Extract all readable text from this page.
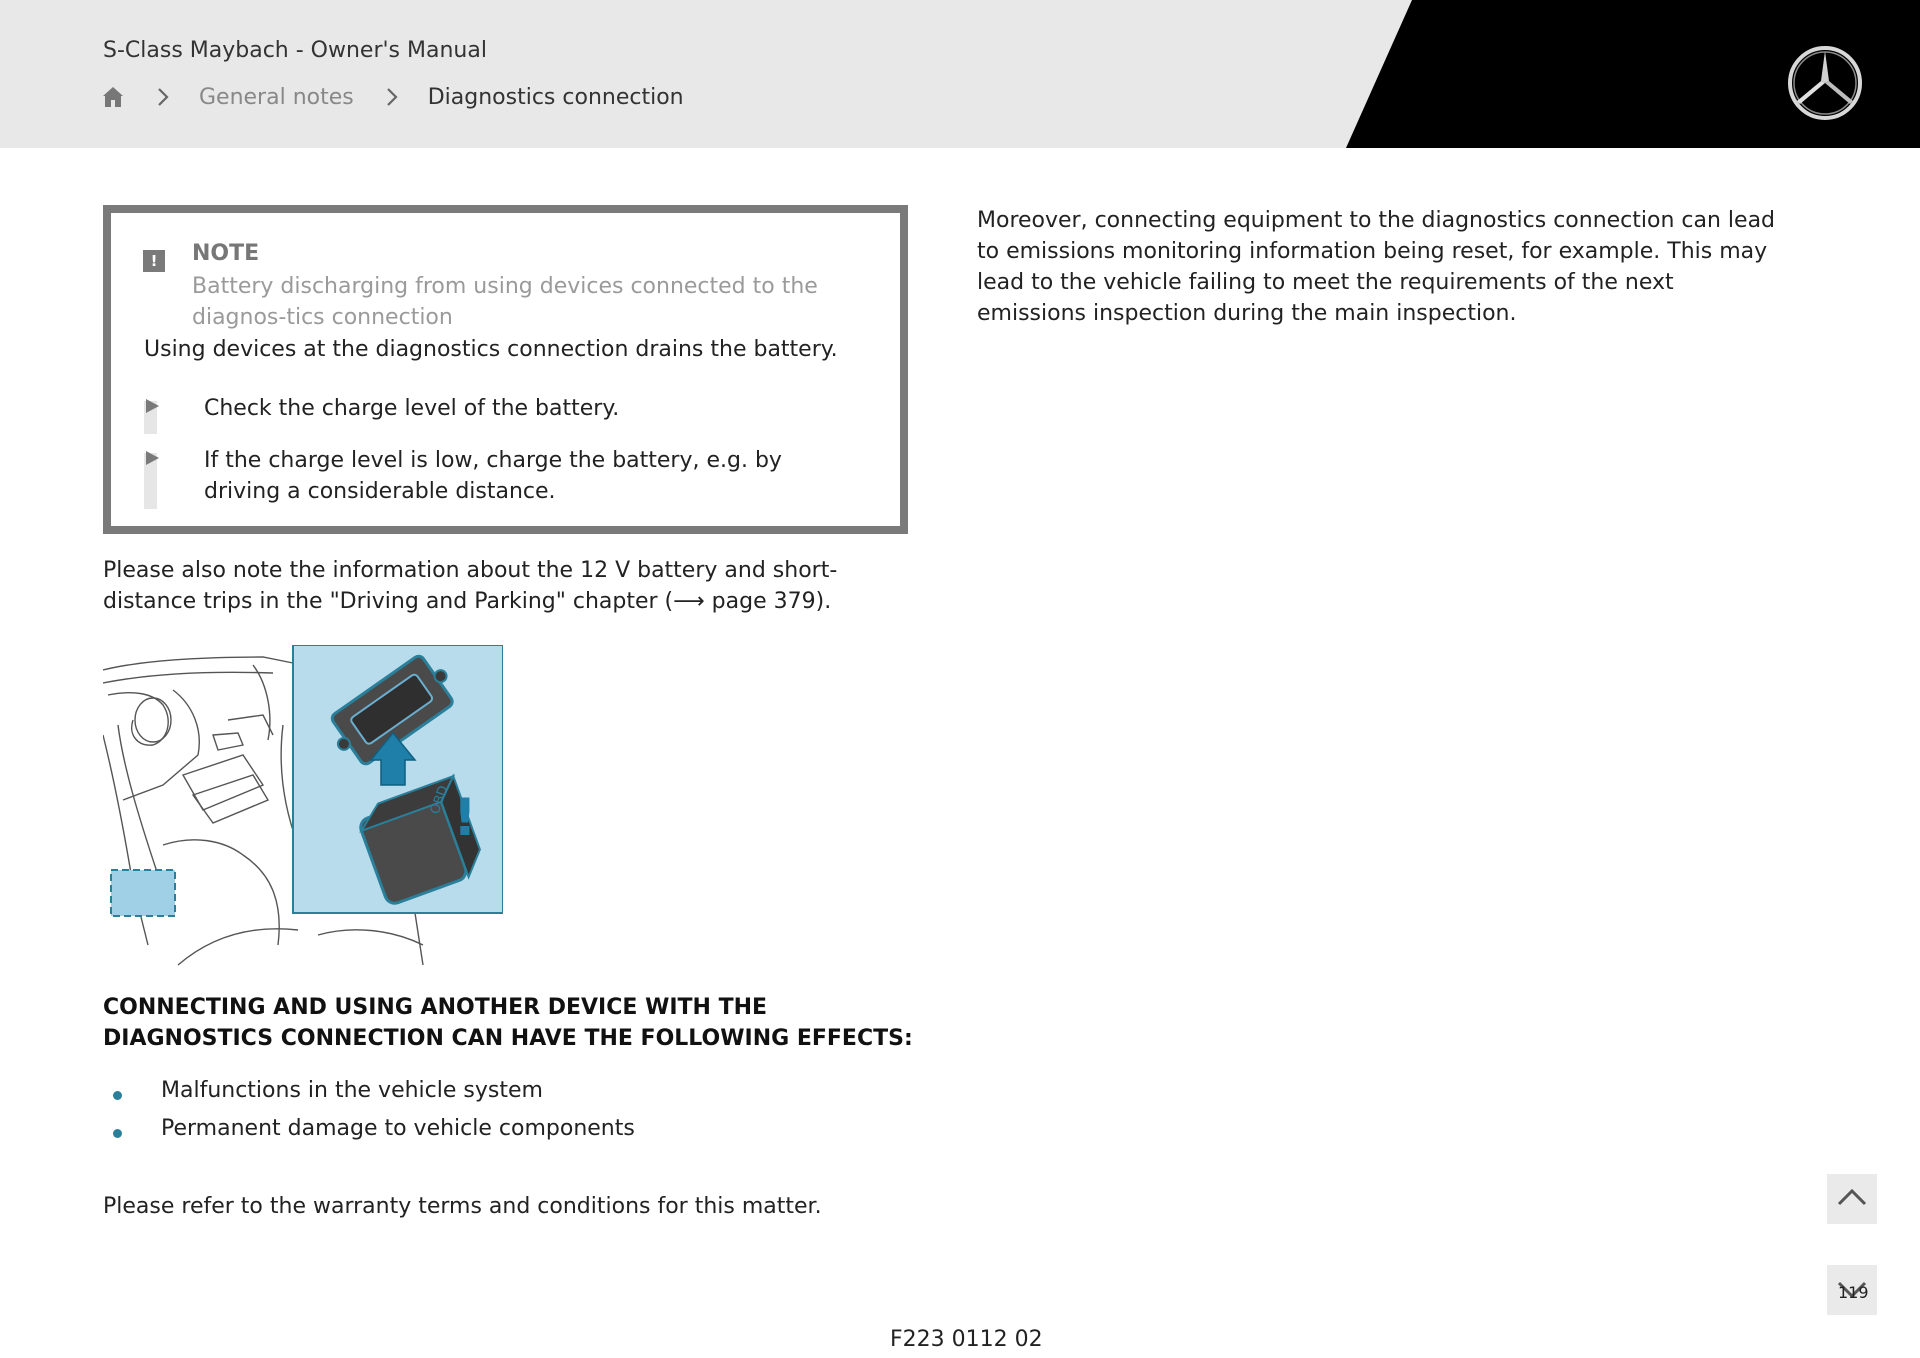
S-Class Maybach - Owner's Manual
General notes	Diagnostics connection
!	NOTE
Battery discharging from using devices connected to the diagnos-tics connection
Using devices at the diagnostics connection drains the battery.
Check the charge level of the battery.
If the charge level is low, charge the battery, e.g. by driving a considerable distance.
Please also note the information about the 12 V battery and short-distance trips in the "Driving and Parking" chapter (⟶ page 379).
OBD !
CONNECTING AND USING ANOTHER DEVICE WITH THE DIAGNOSTICS CONNECTION CAN HAVE THE FOLLOWING EFFECTS:
Malfunctions in the vehicle system
Permanent damage to vehicle components
Please refer to the warranty terms and conditions for this matter.
Moreover, connecting equipment to the diagnostics connection can lead to emissions monitoring information being reset, for example. This may lead to the vehicle failing to meet the requirements of the next emissions inspection during the main inspection.
F223 0112 02
119
